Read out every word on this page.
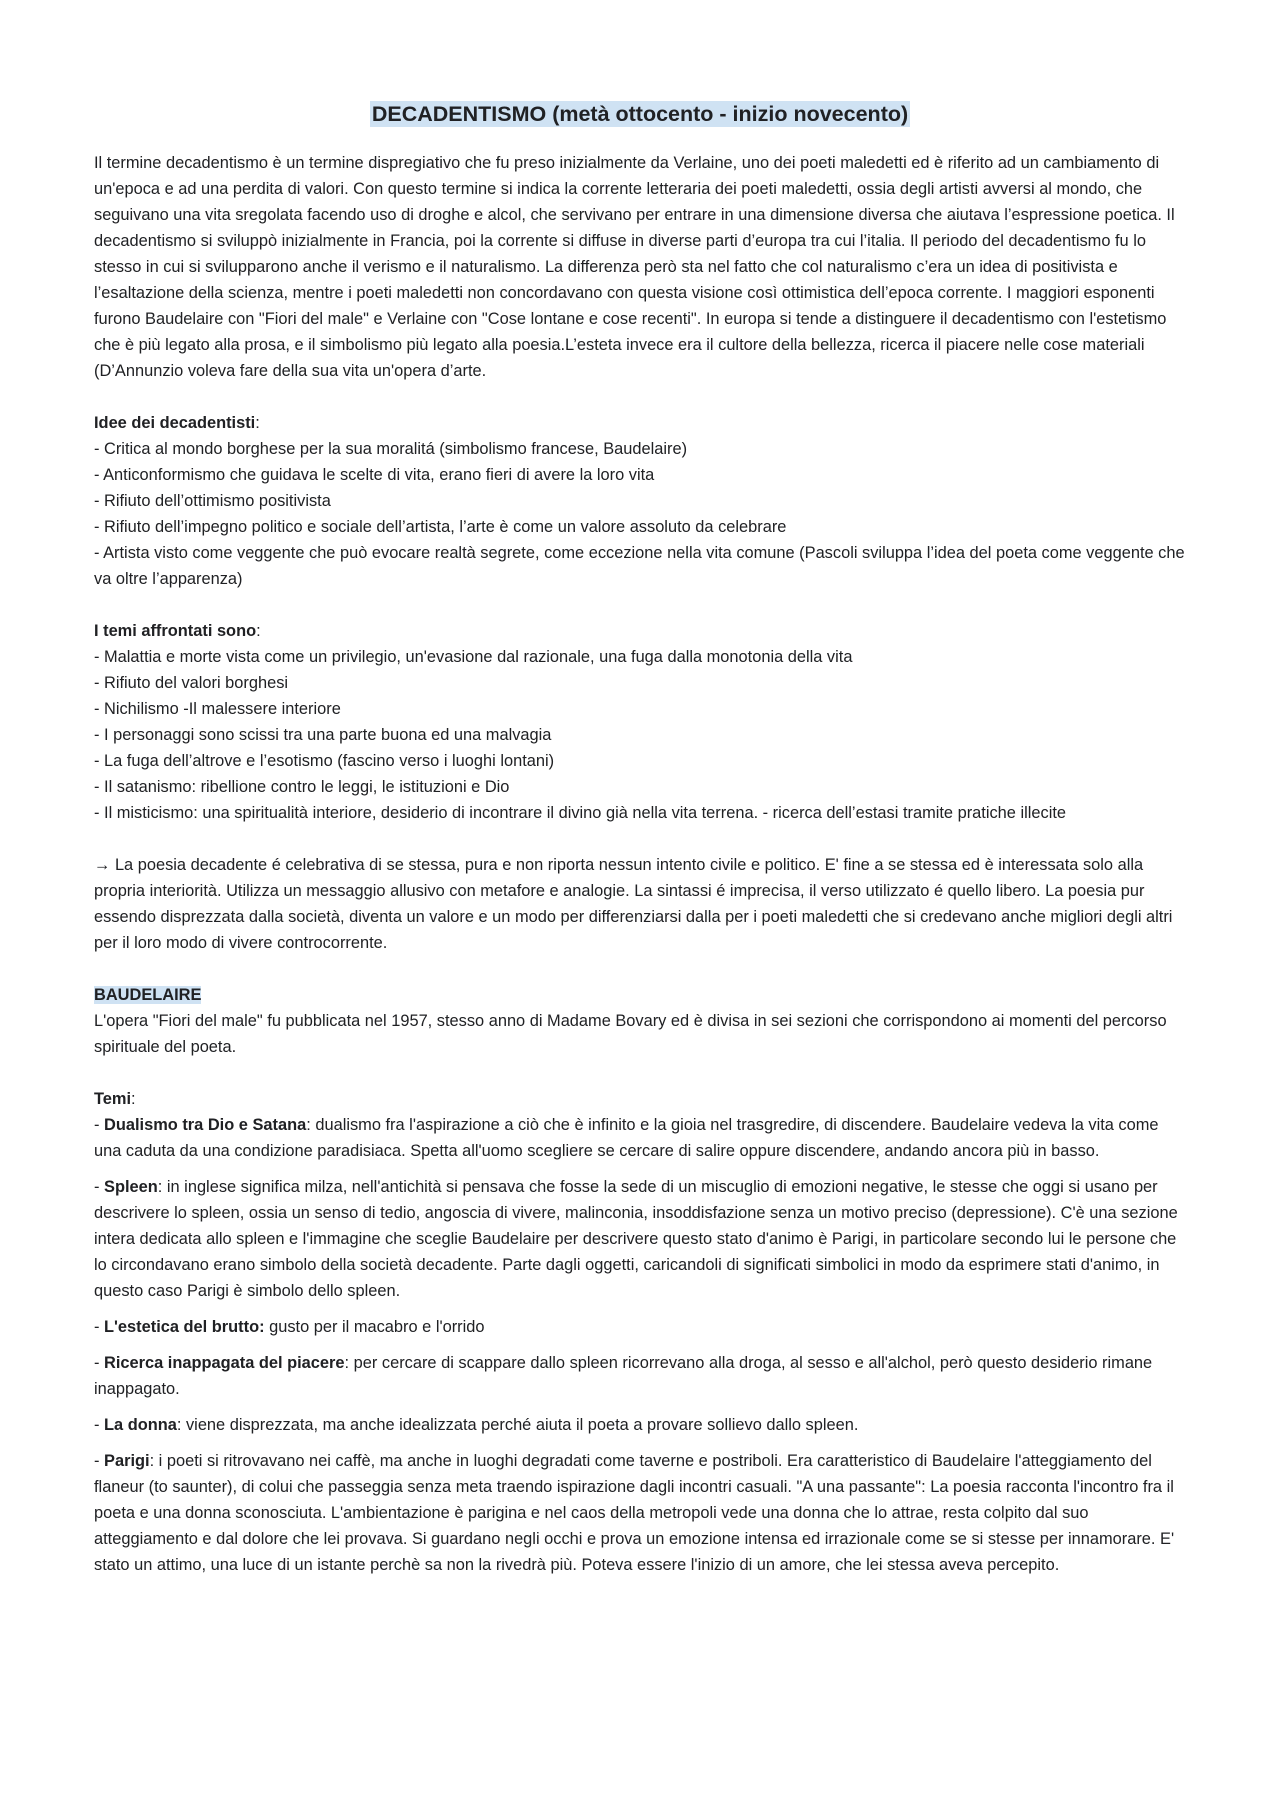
DECADENTISMO (metà ottocento - inizio novecento)

Il termine decadentismo è un termine dispregiativo che fu preso inizialmente da Verlaine, uno dei poeti maledetti ed è riferito ad un cambiamento di un'epoca e ad una perdita di valori. Con questo termine si indica la corrente letteraria dei poeti maledetti, ossia degli artisti avversi al mondo, che seguivano una vita sregolata facendo uso di droghe e alcol, che servivano per entrare in una dimensione diversa che aiutava l’espressione poetica. Il decadentismo si sviluppò inizialmente in Francia, poi la corrente si diffuse in diverse parti d’europa tra cui l’italia. Il periodo del decadentismo fu lo stesso in cui si svilupparono anche il verismo e il naturalismo. La differenza però sta nel fatto che col naturalismo c’era un idea di positivista e l’esaltazione della scienza, mentre i poeti maledetti non concordavano con questa visione così ottimistica dell’epoca corrente. I maggiori esponenti furono Baudelaire con "Fiori del male" e Verlaine con "Cose lontane e cose recenti". In europa si tende a distinguere il decadentismo con l'estetismo che è più legato alla prosa, e il simbolismo più legato alla poesia.L’esteta invece era il cultore della bellezza, ricerca il piacere nelle cose materiali (D’Annunzio voleva fare della sua vita un'opera d’arte.

Idee dei decadentisti:

- Critica al mondo borghese per la sua moralitá (simbolismo francese, Baudelaire)

- Anticonformismo che guidava le scelte di vita, erano fieri di avere la loro vita

- Rifiuto dell’ottimismo positivista

- Rifiuto dell’impegno politico e sociale dell’artista, l’arte è come un valore assoluto da celebrare

- Artista visto come veggente che può evocare realtà segrete, come eccezione nella vita comune (Pascoli sviluppa l’idea del poeta come veggente che va oltre l’apparenza)

I temi affrontati sono:

- Malattia e morte vista come un privilegio, un'evasione dal razionale, una fuga dalla monotonia della vita

- Rifiuto del valori borghesi

- Nichilismo -Il malessere interiore

- I personaggi sono scissi tra una parte buona ed una malvagia

- La fuga dell’altrove e l’esotismo (fascino verso i luoghi lontani)

- Il satanismo: ribellione contro le leggi, le istituzioni e Dio

- Il misticismo: una spiritualità interiore, desiderio di incontrare il divino già nella vita terrena. - ricerca dell’estasi tramite pratiche illecite

→ La poesia decadente é celebrativa di se stessa, pura e non riporta nessun intento civile e politico. E' fine a se stessa ed è interessata solo alla propria interiorità. Utilizza un messaggio allusivo con metafore e analogie. La sintassi é imprecisa, il verso utilizzato é quello libero. La poesia pur essendo disprezzata dalla società, diventa un valore e un modo per differenziarsi dalla per i poeti maledetti che si credevano anche migliori degli altri per il loro modo di vivere controcorrente.

BAUDELAIRE

L'opera "Fiori del male" fu pubblicata nel 1957, stesso anno di Madame Bovary ed è divisa in sei sezioni che corrispondono ai momenti del percorso spirituale del poeta.

Temi:

- Dualismo tra Dio e Satana: dualismo fra l'aspirazione a ciò che è infinito e la gioia nel trasgredire, di discendere. Baudelaire vedeva la vita come una caduta da una condizione paradisiaca. Spetta all'uomo scegliere se cercare di salire oppure discendere, andando ancora più in basso.

- Spleen: in inglese significa milza, nell'antichità si pensava che fosse la sede di un miscuglio di emozioni negative, le stesse che oggi si usano per descrivere lo spleen, ossia un senso di tedio, angoscia di vivere, malinconia, insoddisfazione senza un motivo preciso (depressione). C'è una sezione intera dedicata allo spleen e l'immagine che sceglie Baudelaire per descrivere questo stato d'animo è Parigi, in particolare secondo lui le persone che lo circondavano erano simbolo della società decadente. Parte dagli oggetti, caricandoli di significati simbolici in modo da esprimere stati d'animo, in questo caso Parigi è simbolo dello spleen.

- L'estetica del brutto: gusto per il macabro e l'orrido

- Ricerca inappagata del piacere: per cercare di scappare dallo spleen ricorrevano alla droga, al sesso e all'alchol, però questo desiderio rimane inappagato.

- La donna: viene disprezzata, ma anche idealizzata perché aiuta il poeta a provare sollievo dallo spleen.

- Parigi: i poeti si ritrovavano nei caffè, ma anche in luoghi degradati come taverne e postriboli. Era caratteristico di Baudelaire l'atteggiamento del flaneur (to saunter), di colui che passeggia senza meta traendo ispirazione dagli incontri casuali. "A una passante": La poesia racconta l'incontro fra il poeta e una donna sconosciuta. L'ambientazione è parigina e nel caos della metropoli vede una donna che lo attrae, resta colpito dal suo atteggiamento e dal dolore che lei provava. Si guardano negli occhi e prova un emozione intensa ed irrazionale come se si stesse per innamorare. E' stato un attimo, una luce di un istante perchè sa non la rivedrà più. Poteva essere l'inizio di un amore, che lei stessa aveva percepito.
